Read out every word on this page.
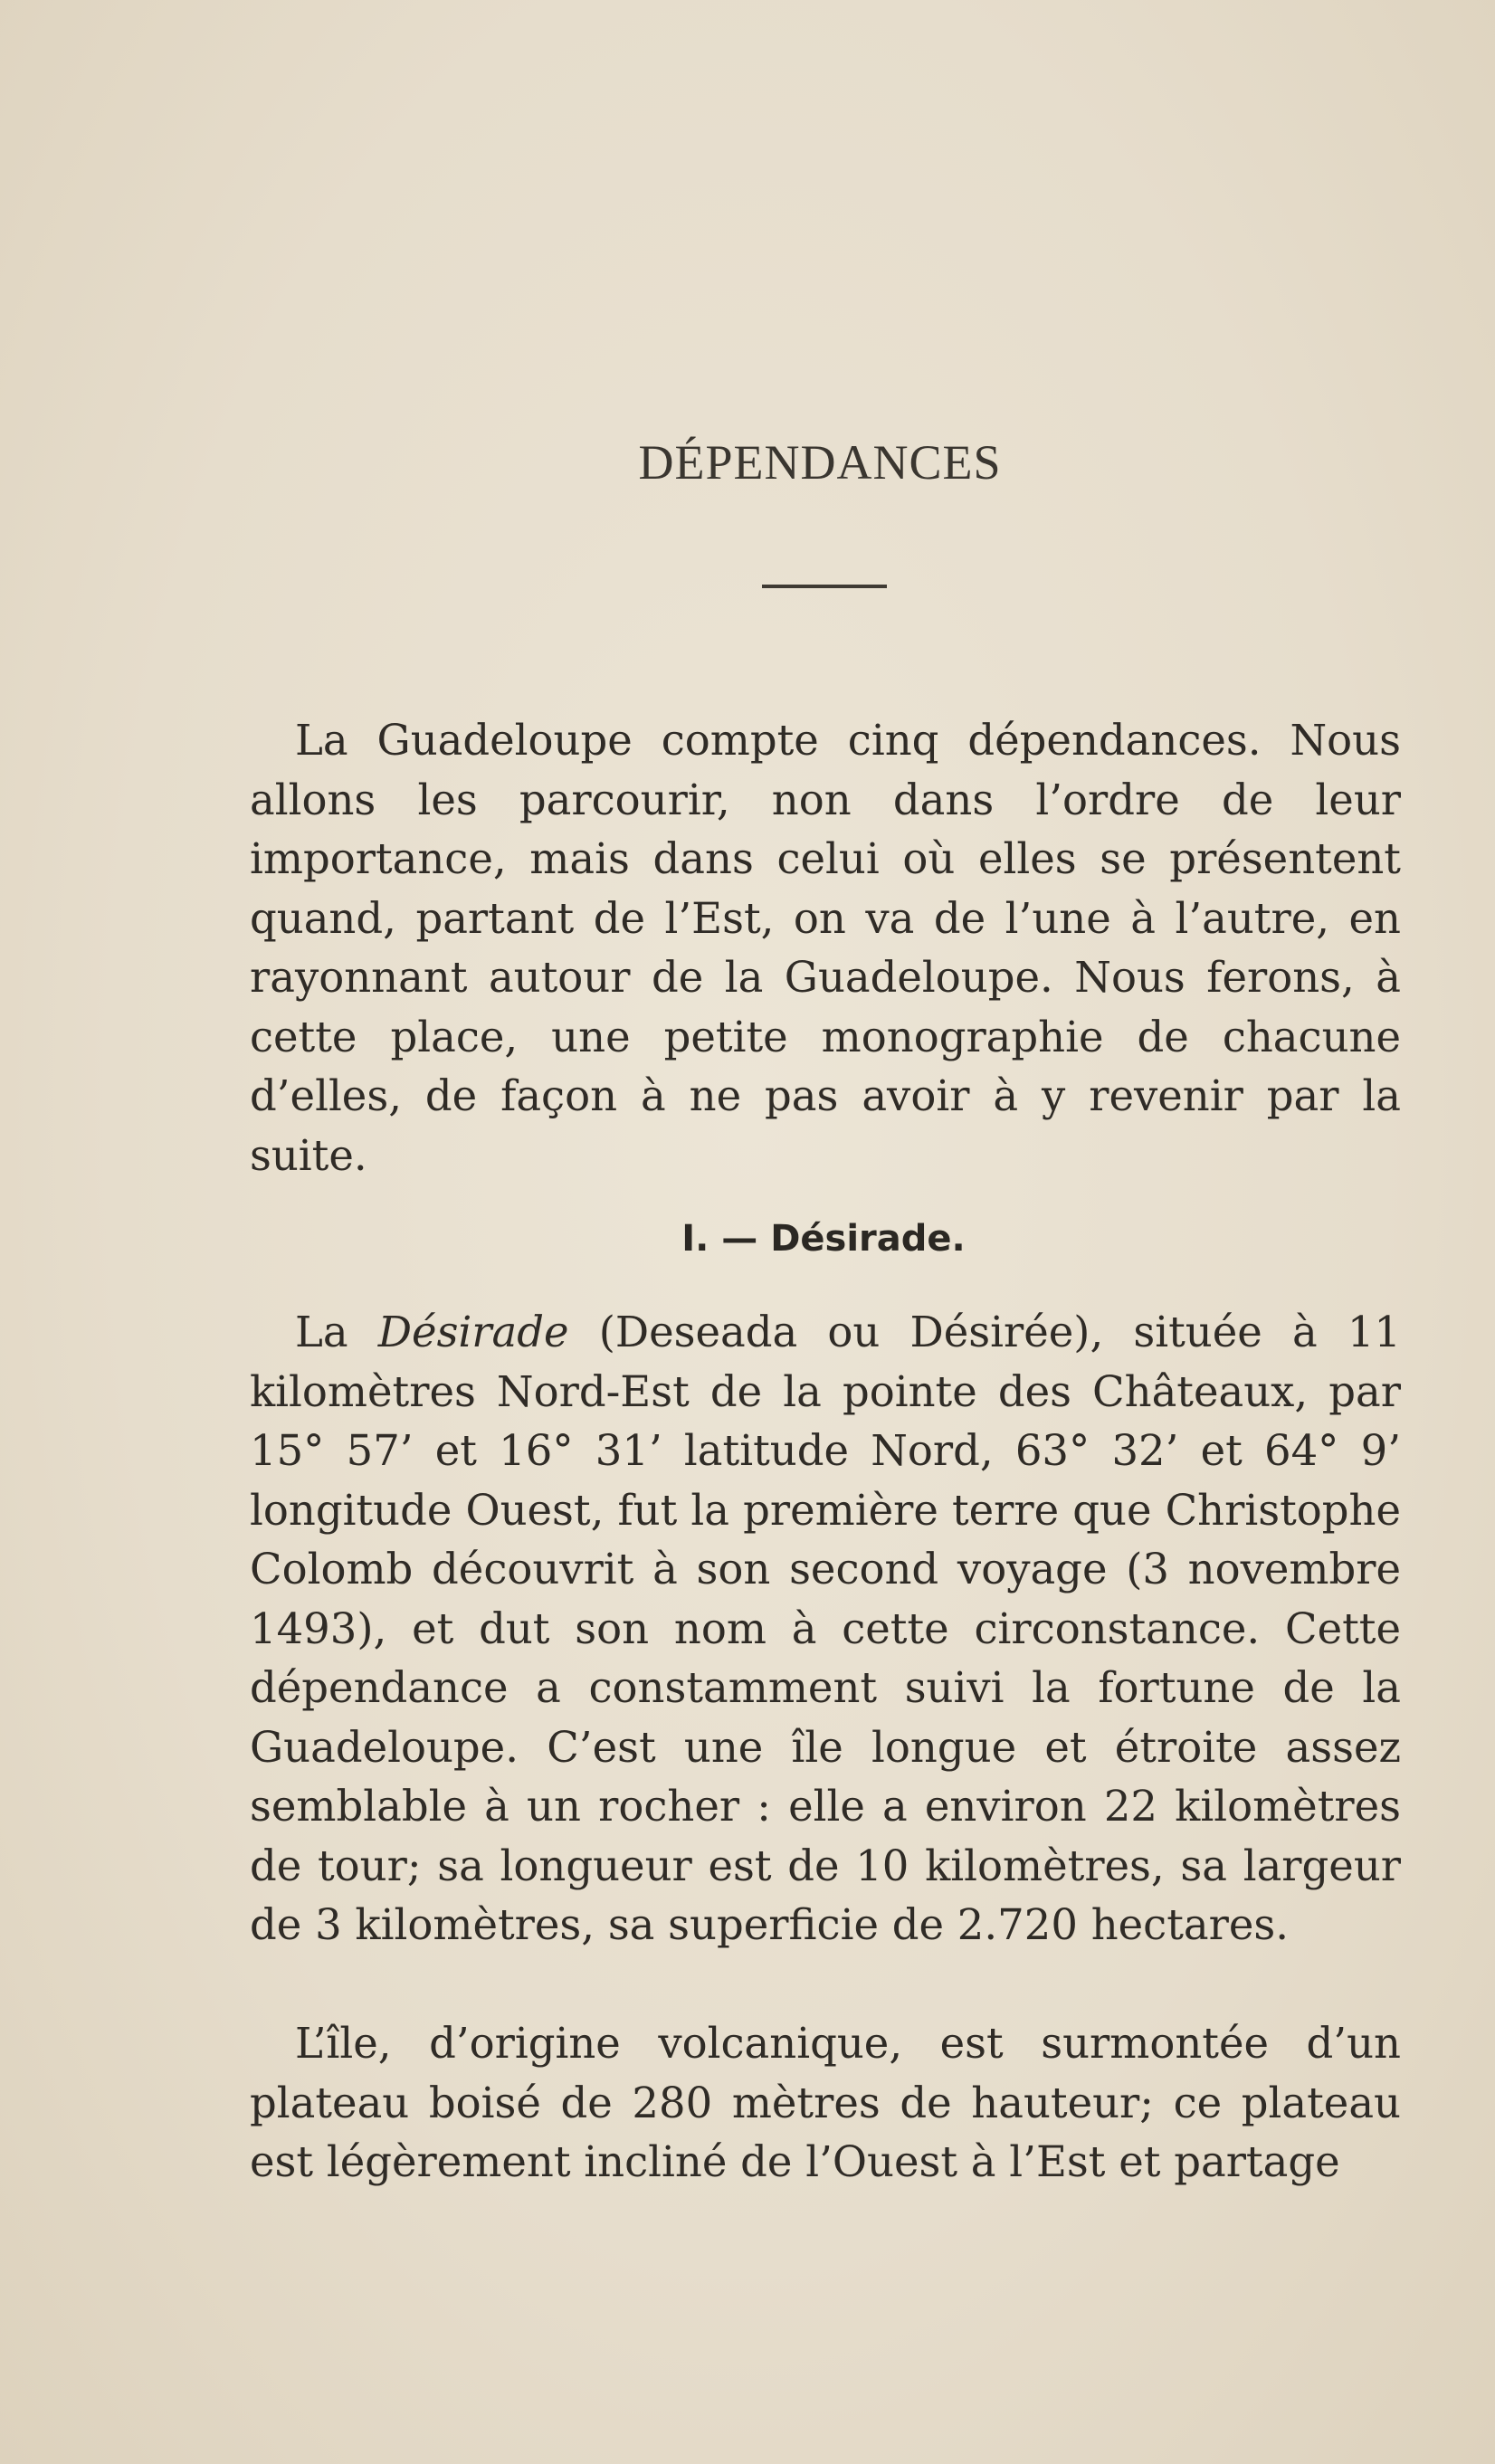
DÉPENDANCES

La Guadeloupe compte cinq dépendances. Nous allons les parcourir, non dans l’ordre de leur importance, mais dans celui où elles se présentent quand, partant de l’Est, on va de l’une à l’autre, en rayonnant autour de la Guadeloupe. Nous ferons, à cette place, une petite monographie de chacune d’elles, de façon à ne pas avoir à y revenir par la suite.

I. — Désirade.

La Désirade (Deseada ou Désirée), située à 11 kilomètres Nord-Est de la pointe des Châteaux, par 15° 57’ et 16° 31’ latitude Nord, 63° 32’ et 64° 9’ longitude Ouest, fut la première terre que Christophe Colomb découvrit à son second voyage (3 novembre 1493), et dut son nom à cette circonstance. Cette dépendance a constamment suivi la fortune de la Guadeloupe. C’est une île longue et étroite assez semblable à un rocher : elle a environ 22 kilomètres de tour; sa longueur est de 10 kilomètres, sa largeur de 3 kilomètres, sa superficie de 2.720 hectares.

L’île, d’origine volcanique, est surmontée d’un plateau boisé de 280 mètres de hauteur; ce plateau est légèrement incliné de l’Ouest à l’Est et partage
